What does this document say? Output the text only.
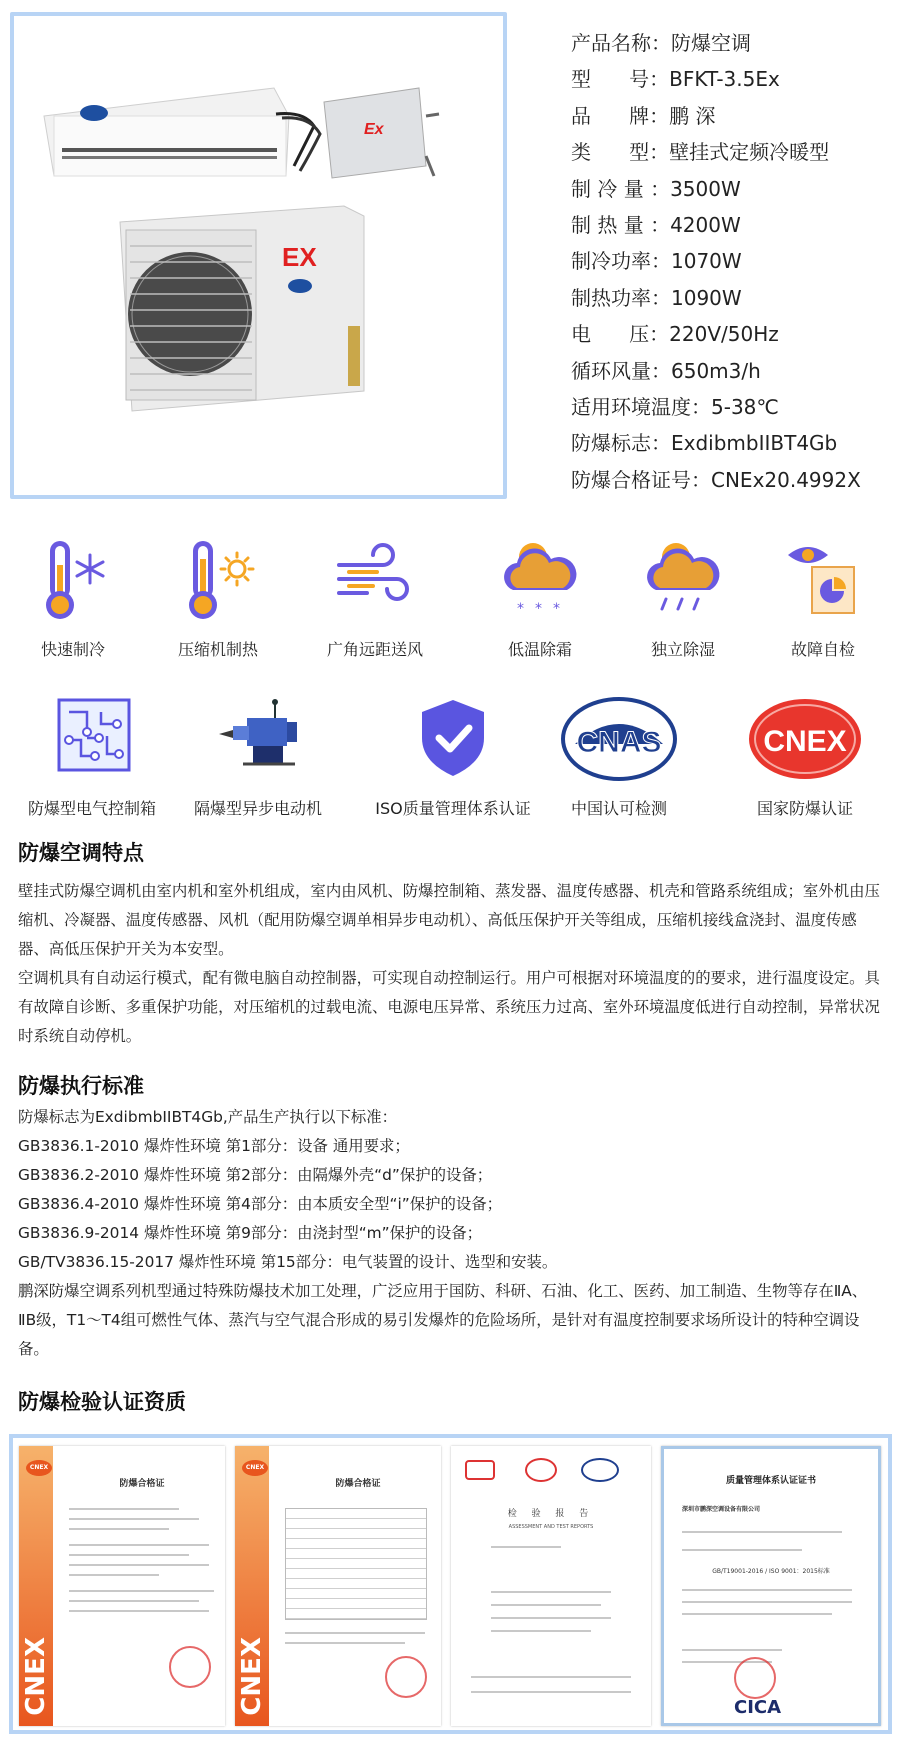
Ex
EX
产品名称：防爆空调
型      号：BFKT-3.5Ex
品      牌：鹏 深
类      型：壁挂式定频冷暖型
制 冷 量 ：3500W
制 热 量 ：4200W
制冷功率：1070W
制热功率：1090W
电      压：220V/50Hz
循环风量：650m3/h
适用环境温度：5-38℃
防爆标志：ExdibmbIIBT4Gb
防爆合格证号：CNEx20.4992X
快速制冷	压缩机制热	广角远距送风
* * *
低温除霜	独立除湿	故障自检
防爆型电气控制箱	隔爆型异步电动机	ISO质量管理体系认证
CNAS
中国认可检测
CNEX
国家防爆认证
防爆空调特点

壁挂式防爆空调机由室内机和室外机组成，室内由风机、防爆控制箱、蒸发器、温度传感器、机壳和管路系统组成；室外机由压缩机、冷凝器、温度传感器、风机（配用防爆空调单相异步电动机）、高低压保护开关等组成，压缩机接线盒浇封、温度传感器、高低压保护开关为本安型。

空调机具有自动运行模式，配有微电脑自动控制器，可实现自动控制运行。用户可根据对环境温度的的要求，进行温度设定。具有故障自诊断、多重保护功能，对压缩机的过载电流、电源电压异常、系统压力过高、室外环境温度低进行自动控制，异常状况时系统自动停机。

防爆执行标准

防爆标志为ExdibmbIIBT4Gb,产品生产执行以下标准：

GB3836.1-2010 爆炸性环境 第1部分：设备 通用要求；

GB3836.2-2010 爆炸性环境 第2部分：由隔爆外壳“d”保护的设备；

GB3836.4-2010 爆炸性环境 第4部分：由本质安全型“i”保护的设备；

GB3836.9-2014 爆炸性环境 第9部分：由浇封型“m”保护的设备；

GB/TV3836.15-2017 爆炸性环境 第15部分：电气装置的设计、选型和安装。

鹏深防爆空调系列机型通过特殊防爆技术加工处理，广泛应用于国防、科研、石油、化工、医药、加工制造、生物等存在ⅡA、ⅡB级，T1～T4组可燃性气体、蒸汽与空气混合形成的易引发爆炸的危险场所，是针对有温度控制要求场所设计的特种空调设备。

防爆检验认证资质
CNEX
CNEX
防爆合格证
CNEX
CNEX
防爆合格证
检 验 报 告
ASSESSMENT AND TEST REPORTS
质量管理体系认证证书
深圳市鹏深空调设备有限公司
GB/T19001-2016 / ISO 9001：2015标准
CICA
